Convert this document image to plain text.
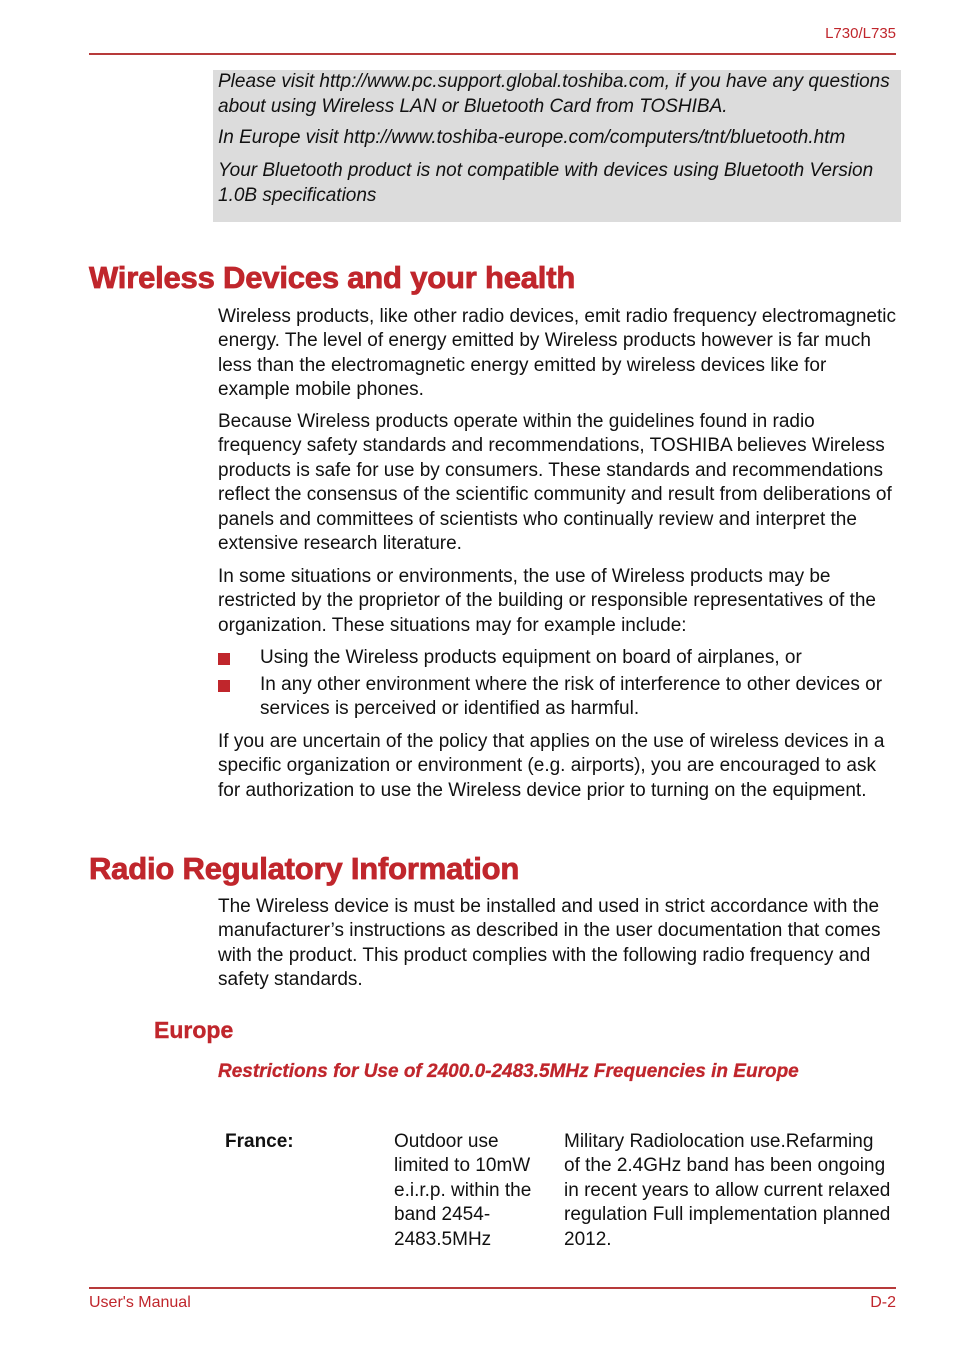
L730/L735
Please visit http://www.pc.support.global.toshiba.com, if you have any questions about using Wireless LAN or Bluetooth Card from TOSHIBA.
In Europe visit http://www.toshiba-europe.com/computers/tnt/bluetooth.htm
Your Bluetooth product is not compatible with devices using Bluetooth Version 1.0B specifications
Wireless Devices and your health
Wireless products, like other radio devices, emit radio frequency electromagnetic energy. The level of energy emitted by Wireless products however is far much less than the electromagnetic energy emitted by wireless devices like for example mobile phones.
Because Wireless products operate within the guidelines found in radio frequency safety standards and recommendations, TOSHIBA believes Wireless products is safe for use by consumers. These standards and recommendations reflect the consensus of the scientific community and result from deliberations of panels and committees of scientists who continually review and interpret the extensive research literature.
In some situations or environments, the use of Wireless products may be restricted by the proprietor of the building or responsible representatives of the organization. These situations may for example include:
Using the Wireless products equipment on board of airplanes, or
In any other environment where the risk of interference to other devices or services is perceived or identified as harmful.
If you are uncertain of the policy that applies on the use of wireless devices in a specific organization or environment (e.g. airports), you are encouraged to ask for authorization to use the Wireless device prior to turning on the equipment.
Radio Regulatory Information
The Wireless device is must be installed and used in strict accordance with the manufacturer’s instructions as described in the user documentation that comes with the product. This product complies with the following radio frequency and safety standards.
Europe
Restrictions for Use of 2400.0-2483.5MHz Frequencies in Europe
France:	Outdoor use limited to 10mW e.i.r.p. within the band 2454-2483.5MHz
Military Radiolocation use.Refarming of the 2.4GHz band has been ongoing in recent years to allow current relaxed regulation Full implementation planned 2012.
User's Manual	D-2
